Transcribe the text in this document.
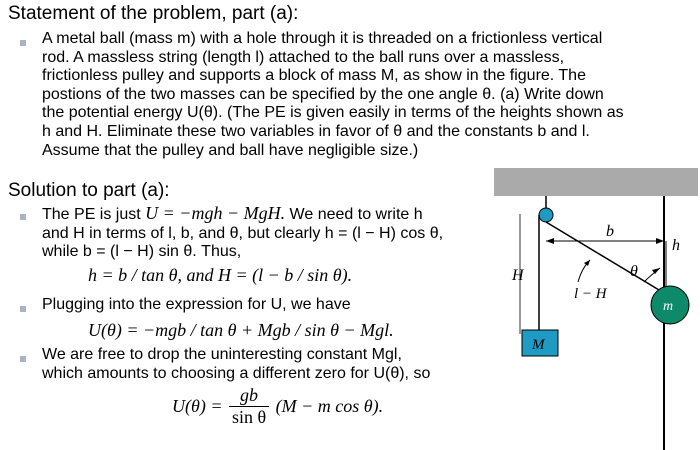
Statement of the problem, part (a):
A metal ball (mass m) with a hole through it is threaded on a frictionless vertical
rod. A massless string (length l) attached to the ball runs over a massless,
frictionless pulley and supports a block of mass M, as show in the figure. The
postions of the two masses can be specified by the one angle θ. (a) Write down
the potential energy U(θ). (The PE is given easily in terms of the heights shown as
h and H. Eliminate these two variables in favor of θ and the constants b and l.
Assume that the pulley and ball have negligible size.)
Solution to part (a):
The PE is just U = −mgh − MgH. We need to write h
and H in terms of l, b, and θ, but clearly h = (l − H) cos θ,
while b = (l − H) sin θ. Thus,
h = b / tan θ, and H = (l − b / sin θ).
Plugging into the expression for U, we have
U(θ) = −mgb / tan θ + Mgb / sin θ − Mgl.
We are free to drop the uninteresting constant Mgl,
which amounts to choosing a different zero for U(θ), so
$U(\theta) = \frac{gb}{\text{sin θ}} (M - m$ cos θ).
b
h
H	θ
l − H
m
M
